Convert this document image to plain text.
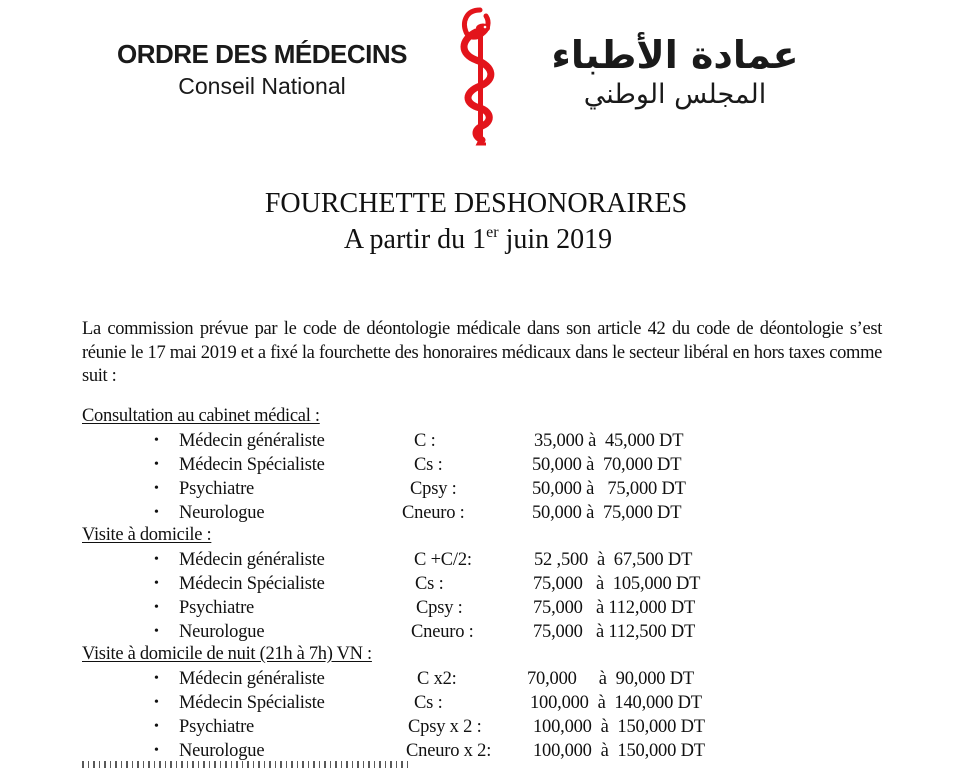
ORDRE DES MÉDECINS
Conseil National
عمادة الأطباء
المجلس الوطني
FOURCHETTE DESHONORAIRES
A partir du 1er juin 2019
La commission prévue par le code de déontologie médicale dans son article 42 du code de déontologie s’est réunie le 17 mai 2019 et a fixé la fourchette des honoraires médicaux dans le secteur libéral en hors taxes comme suit :
Consultation au cabinet médical :
• Médecin généraliste	C :	35,000 à  45,000 DT
• Médecin Spécialiste	Cs :	50,000 à  70,000 DT
• Psychiatre	Cpsy :	50,000 à   75,000 DT
• Neurologue	Cneuro :	50,000 à  75,000 DT
Visite à domicile :
• Médecin généraliste	C +C/2:	52 ,500  à  67,500 DT
• Médecin Spécialiste	Cs :	75,000   à  105,000 DT
• Psychiatre	Cpsy :	75,000   à 112,000 DT
• Neurologue	Cneuro :	75,000   à 112,500 DT
Visite à domicile de nuit (21h à 7h) VN :
• Médecin généraliste	C x2:	70,000     à  90,000 DT
• Médecin Spécialiste	Cs :	100,000  à  140,000 DT
• Psychiatre	Cpsy x 2 :	100,000  à  150,000 DT
• Neurologue	Cneuro x 2: 100,000  à  150,000 DT
